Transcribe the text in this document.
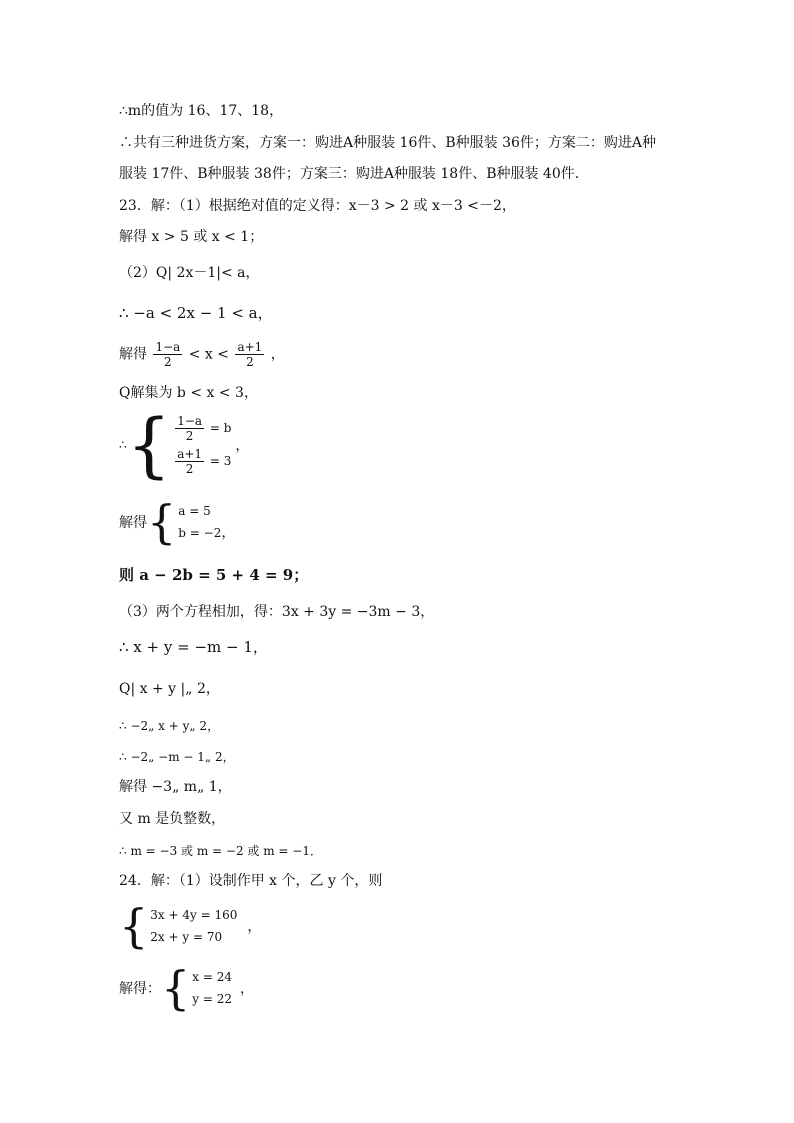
∴m的值为 16、17、18，
∴共有三种进货方案，方案一：购进A种服装 16件、B种服装 36件；方案二：购进A种
服装 17件、B种服装 38件；方案三：购进A种服装 18件、B种服装 40件．
23．解：（1）根据绝对值的定义得：x－3 > 2 或 x－3 <－2，
解得 x > 5 或 x < 1；
（2）Q| 2x－1|< a，
∴ −a < 2x − 1 < a，
解得 $\frac{1-a}{2} < x < \frac{a+1}{2}$ ，
Q解集为 b < x < 3，
∴ { $\frac{1-a}{2} = b$
$\frac{a+1}{2} = 3$
，
解得 { a = 5
b = −2 ，
则 a − 2b = 5 + 4 = 9；
（3）两个方程相加，得：3x + 3y = −3m − 3，
∴ x + y = −m − 1，
Q| x + y |„ 2，
∴ −2„ x + y„ 2，
∴ −2„ −m − 1„ 2，
解得 −3„ m„ 1，
又 m 是负整数，
∴ m = −3 或 m = −2 或 m = −1．
24．解：（1）设制作甲 x 个，乙 y 个，则
{ 3x + 4y = 160
2x + y = 70
，
解得： { x = 24
y = 22
，
